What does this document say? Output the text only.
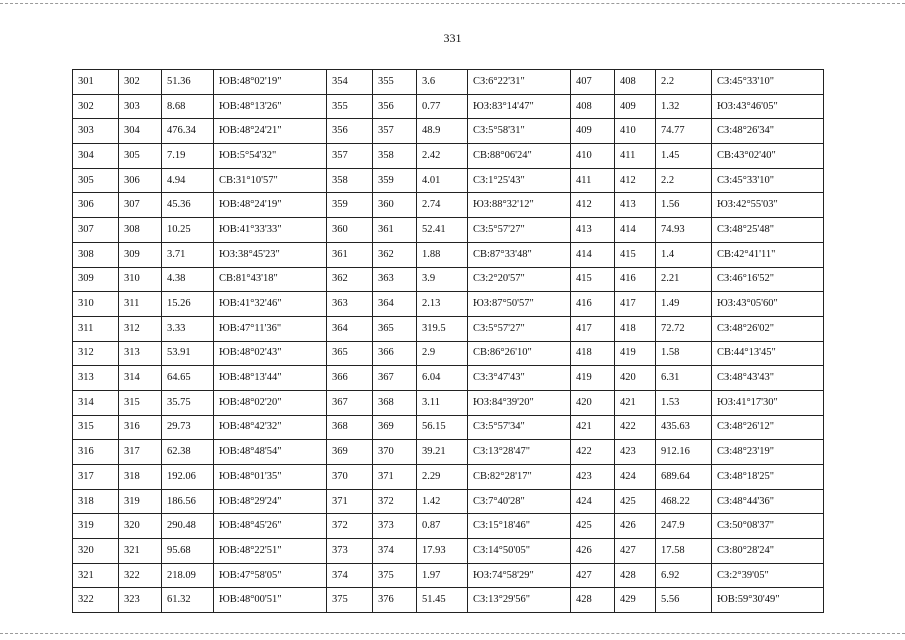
331
301	302	51.36	ЮВ:48°02'19"	354	355	3.6	СЗ:6°22'31"	407	408	2.2	СЗ:45°33'10"
302	303	8.68	ЮВ:48°13'26"	355	356	0.77	ЮЗ:83°14'47"	408	409	1.32	ЮЗ:43°46'05"
303	304	476.34	ЮВ:48°24'21"	356	357	48.9	СЗ:5°58'31"	409	410	74.77	СЗ:48°26'34"
304	305	7.19	ЮВ:5°54'32"	357	358	2.42	СВ:88°06'24"	410	411	1.45	СВ:43°02'40"
305	306	4.94	СВ:31°10'57"	358	359	4.01	СЗ:1°25'43"	411	412	2.2	СЗ:45°33'10"
306	307	45.36	ЮВ:48°24'19"	359	360	2.74	ЮЗ:88°32'12"	412	413	1.56	ЮЗ:42°55'03"
307	308	10.25	ЮВ:41°33'33"	360	361	52.41	СЗ:5°57'27"	413	414	74.93	СЗ:48°25'48"
308	309	3.71	ЮЗ:38°45'23"	361	362	1.88	СВ:87°33'48"	414	415	1.4	СВ:42°41'11"
309	310	4.38	СВ:81°43'18"	362	363	3.9	СЗ:2°20'57"	415	416	2.21	СЗ:46°16'52"
310	311	15.26	ЮВ:41°32'46"	363	364	2.13	ЮЗ:87°50'57"	416	417	1.49	ЮЗ:43°05'60"
311	312	3.33	ЮВ:47°11'36"	364	365	319.5	СЗ:5°57'27"	417	418	72.72	СЗ:48°26'02"
312	313	53.91	ЮВ:48°02'43"	365	366	2.9	СВ:86°26'10"	418	419	1.58	СВ:44°13'45"
313	314	64.65	ЮВ:48°13'44"	366	367	6.04	СЗ:3°47'43"	419	420	6.31	СЗ:48°43'43"
314	315	35.75	ЮВ:48°02'20"	367	368	3.11	ЮЗ:84°39'20"	420	421	1.53	ЮЗ:41°17'30"
315	316	29.73	ЮВ:48°42'32"	368	369	56.15	СЗ:5°57'34"	421	422	435.63	СЗ:48°26'12"
316	317	62.38	ЮВ:48°48'54"	369	370	39.21	СЗ:13°28'47"	422	423	912.16	СЗ:48°23'19"
317	318	192.06	ЮВ:48°01'35"	370	371	2.29	СВ:82°28'17"	423	424	689.64	СЗ:48°18'25"
318	319	186.56	ЮВ:48°29'24"	371	372	1.42	СЗ:7°40'28"	424	425	468.22	СЗ:48°44'36"
319	320	290.48	ЮВ:48°45'26"	372	373	0.87	СЗ:15°18'46"	425	426	247.9	СЗ:50°08'37"
320	321	95.68	ЮВ:48°22'51"	373	374	17.93	СЗ:14°50'05"	426	427	17.58	СЗ:80°28'24"
321	322	218.09	ЮВ:47°58'05"	374	375	1.97	ЮЗ:74°58'29"	427	428	6.92	СЗ:2°39'05"
322	323	61.32	ЮВ:48°00'51"	375	376	51.45	СЗ:13°29'56"	428	429	5.56	ЮВ:59°30'49"
